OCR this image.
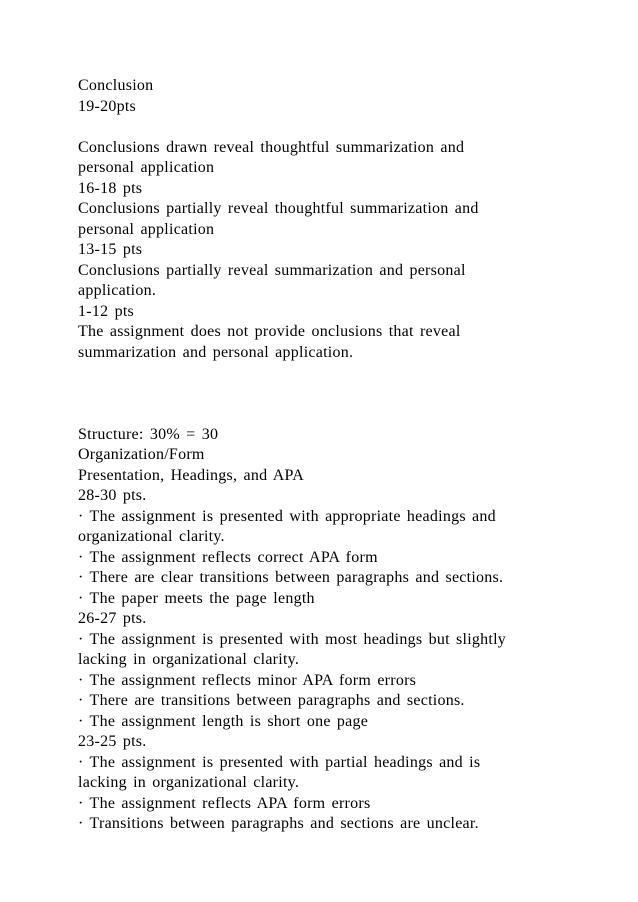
Conclusion
19-20pts
Conclusions drawn reveal thoughtful summarization and
personal application
16-18 pts
Conclusions partially reveal thoughtful summarization and
personal application
13-15 pts
Conclusions partially reveal summarization and personal
application.
1-12 pts
The assignment does not provide onclusions that reveal
summarization and personal application.
Structure: 30% = 30
Organization/Form
Presentation, Headings, and APA
28-30 pts.
· The assignment is presented with appropriate headings and
organizational clarity.
· The assignment reflects correct APA form
· There are clear transitions between paragraphs and sections.
· The paper meets the page length
26-27 pts.
· The assignment is presented with most headings but slightly
lacking in organizational clarity.
· The assignment reflects minor APA form errors
· There are transitions between paragraphs and sections.
· The assignment length is short one page
23-25 pts.
· The assignment is presented with partial headings and is
lacking in organizational clarity.
· The assignment reflects APA form errors
· Transitions between paragraphs and sections are unclear.
